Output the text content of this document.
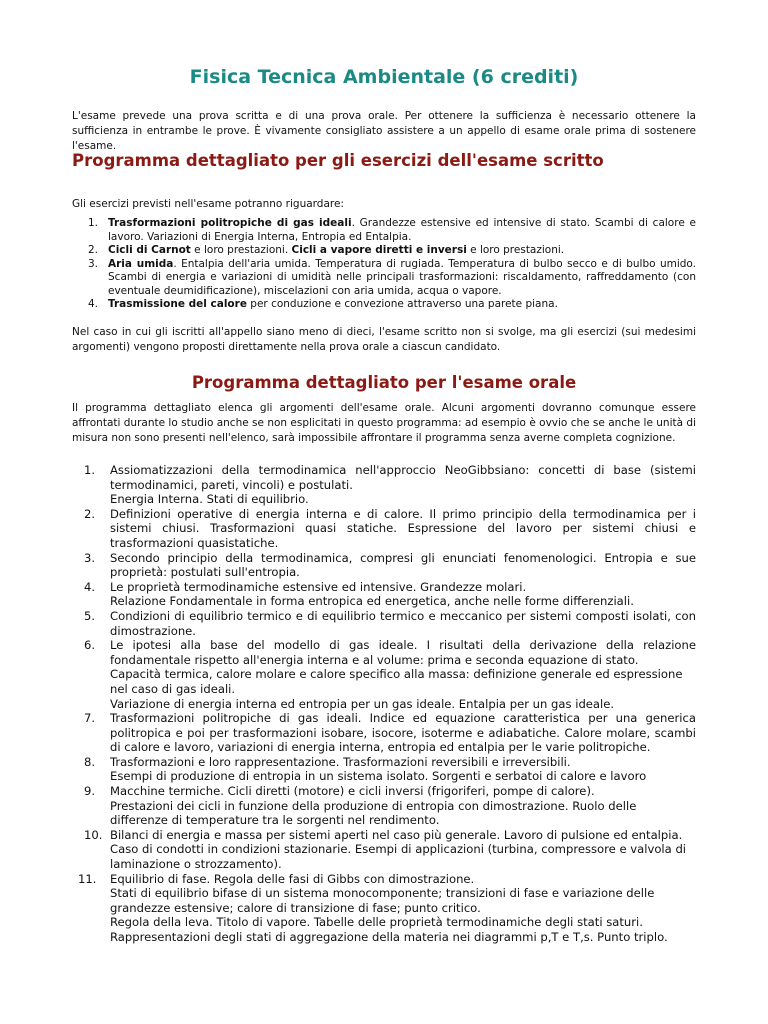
Fisica Tecnica Ambientale (6 crediti)

L'esame prevede una prova scritta e di una prova orale. Per ottenere la sufficienza è necessario ottenere la sufficienza in entrambe le prove. È vivamente consigliato assistere a un appello di esame orale prima di sostenere l'esame.

Programma dettagliato per gli esercizi dell'esame scritto

Gli esercizi previsti nell'esame potranno riguardare:

1. Trasformazioni politropiche di gas ideali. Grandezze estensive ed intensive di stato. Scambi di calore e lavoro. Variazioni di Energia Interna, Entropia ed Entalpia.
2. Cicli di Carnot e loro prestazioni. Cicli a vapore diretti e inversi e loro prestazioni.
3. Aria umida. Entalpia dell'aria umida. Temperatura di rugiada. Temperatura di bulbo secco e di bulbo umido. Scambi di energia e variazioni di umidità nelle principali trasformazioni: riscaldamento, raffreddamento (con eventuale deumidificazione), miscelazioni con aria umida, acqua o vapore.
4. Trasmissione del calore per conduzione e convezione attraverso una parete piana.

Nel caso in cui gli iscritti all'appello siano meno di dieci, l'esame scritto non si svolge, ma gli esercizi (sui medesimi argomenti) vengono proposti direttamente nella prova orale a ciascun candidato.

Programma dettagliato per l'esame orale

Il programma dettagliato elenca gli argomenti dell'esame orale. Alcuni argomenti dovranno comunque essere affrontati durante lo studio anche se non esplicitati in questo programma: ad esempio è ovvio che se anche le unità di misura non sono presenti nell'elenco, sarà impossibile affrontare il programma senza averne completa cognizione.

1. Assiomatizzazioni della termodinamica nell'approccio NeoGibbsiano: concetti di base (sistemi termodinamici, pareti, vincoli) e postulati.
Energia Interna. Stati di equilibrio.
2. Definizioni operative di energia interna e di calore. Il primo principio della termodinamica per i sistemi chiusi. Trasformazioni quasi statiche. Espressione del lavoro per sistemi chiusi e trasformazioni quasistatiche.
3. Secondo principio della termodinamica, compresi gli enunciati fenomenologici. Entropia e sue proprietà: postulati sull'entropia.
4. Le proprietà termodinamiche estensive ed intensive. Grandezze molari.
Relazione Fondamentale in forma entropica ed energetica, anche nelle forme differenziali.
5. Condizioni di equilibrio termico e di equilibrio termico e meccanico per sistemi composti isolati, con dimostrazione.
6. Le ipotesi alla base del modello di gas ideale. I risultati della derivazione della relazione fondamentale rispetto all'energia interna e al volume: prima e seconda equazione di stato.
Capacità termica, calore molare e calore specifico alla massa: definizione generale ed espressione nel caso di gas ideali.
Variazione di energia interna ed entropia per un gas ideale. Entalpia per un gas ideale.
7. Trasformazioni politropiche di gas ideali. Indice ed equazione caratteristica per una generica politropica e poi per trasformazioni isobare, isocore, isoterme e adiabatiche. Calore molare, scambi di calore e lavoro, variazioni di energia interna, entropia ed entalpia per le varie politropiche.
8. Trasformazioni e loro rappresentazione. Trasformazioni reversibili e irreversibili.
Esempi di produzione di entropia in un sistema isolato. Sorgenti e serbatoi di calore e lavoro
9. Macchine termiche. Cicli diretti (motore) e cicli inversi (frigoriferi, pompe di calore).
Prestazioni dei cicli in funzione della produzione di entropia con dimostrazione. Ruolo delle differenze di temperature tra le sorgenti nel rendimento.
10. Bilanci di energia e massa per sistemi aperti nel caso più generale. Lavoro di pulsione ed entalpia.
Caso di condotti in condizioni stazionarie. Esempi di applicazioni (turbina, compressore e valvola di laminazione o strozzamento).
11. Equilibrio di fase. Regola delle fasi di Gibbs con dimostrazione.
Stati di equilibrio bifase di un sistema monocomponente; transizioni di fase e variazione delle grandezze estensive; calore di transizione di fase; punto critico.
Regola della leva. Titolo di vapore. Tabelle delle proprietà termodinamiche degli stati saturi.
Rappresentazioni degli stati di aggregazione della materia nei diagrammi p,T e T,s. Punto triplo.
